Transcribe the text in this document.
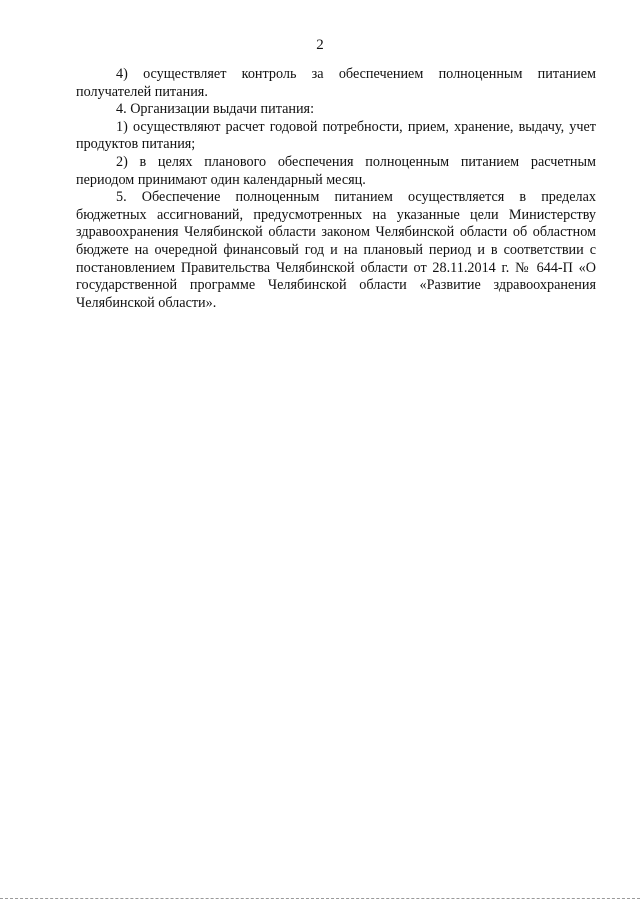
2

4) осуществляет контроль за обеспечением полноценным питанием получателей питания.

4. Организации выдачи питания:

1) осуществляют расчет годовой потребности, прием, хранение, выдачу, учет продуктов питания;

2) в целях планового обеспечения полноценным питанием расчетным периодом принимают один календарный месяц.

5. Обеспечение полноценным питанием осуществляется в пределах бюджетных ассигнований, предусмотренных на указанные цели Министерству здравоохранения Челябинской области законом Челябинской области об областном бюджете на очередной финансовый год и на плановый период и в соответствии с постановлением Правительства Челябинской области от 28.11.2014 г. № 644-П «О государственной программе Челябинской области «Развитие здравоохранения Челябинской области».
